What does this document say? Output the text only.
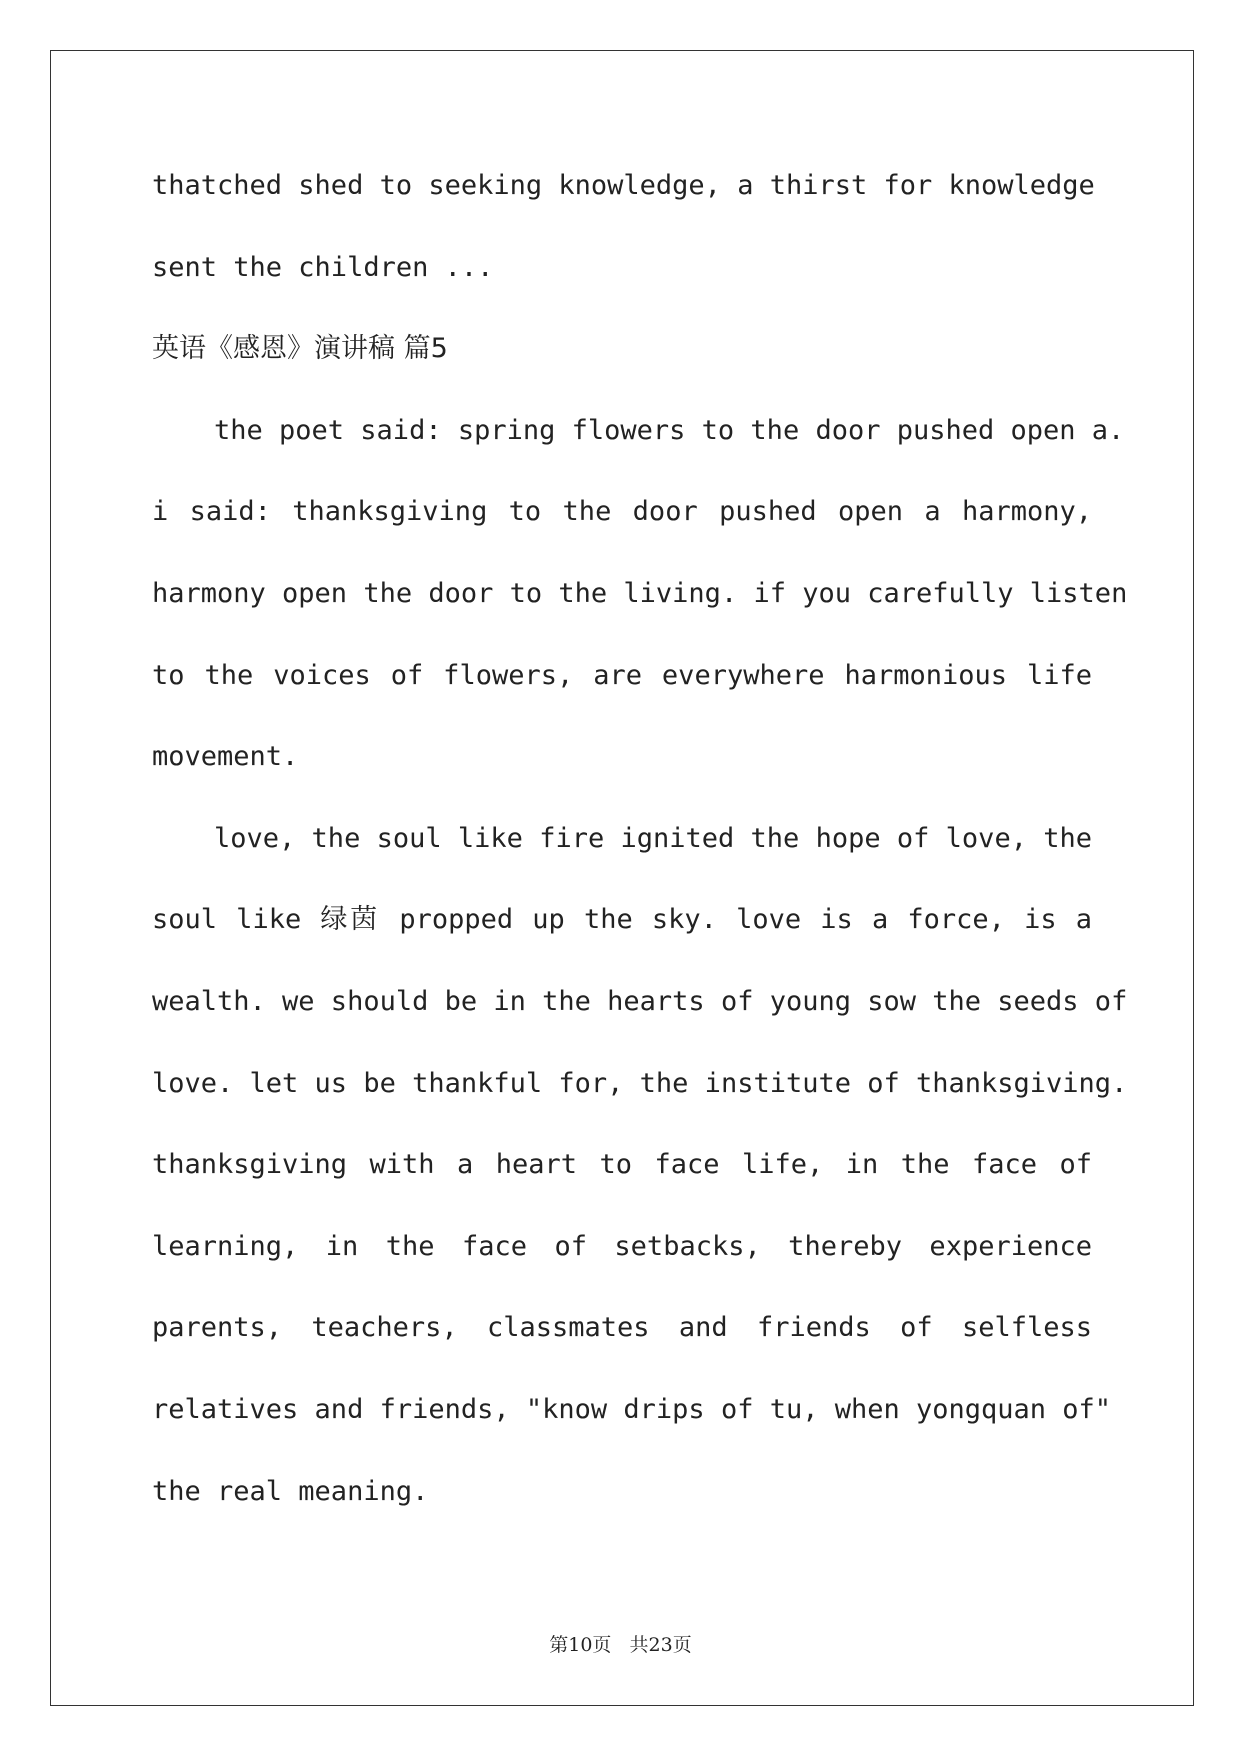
thatched shed to seeking knowledge, a thirst for knowledge
sent the children ...
英语《感恩》演讲稿 篇5
the poet said: spring flowers to the door pushed open a.
i said: thanksgiving to the door pushed open a harmony,
harmony open the door to the living. if you carefully listen
to the voices of flowers, are everywhere harmonious life
movement.
love, the soul like fire ignited the hope of love, the
soul like 绿茵 propped up the sky. love is a force, is a
wealth. we should be in the hearts of young sow the seeds of
love. let us be thankful for, the institute of thanksgiving.
thanksgiving with a heart to face life, in the face of
learning, in the face of setbacks, thereby experience
parents, teachers, classmates and friends of selfless
relatives and friends, "know drips of tu, when yongquan of"
the real meaning.
第10页   共23页
